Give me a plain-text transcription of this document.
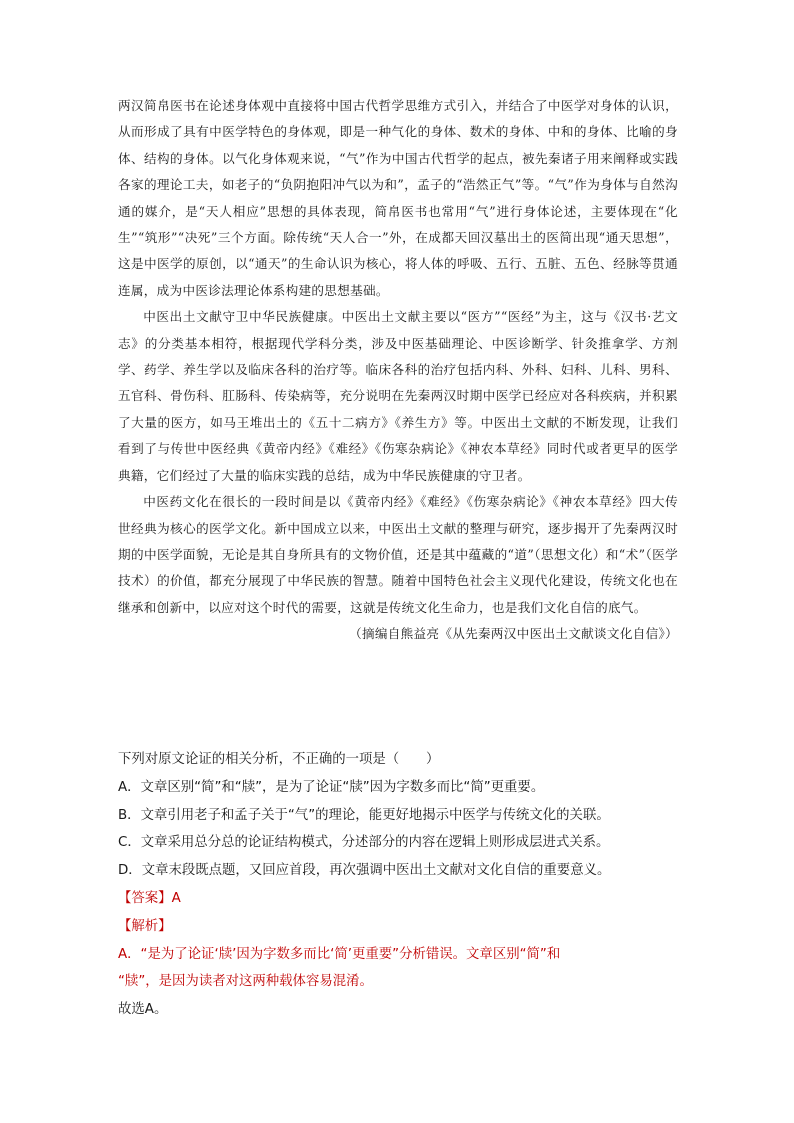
两汉简帛医书在论述身体观中直接将中国古代哲学思维方式引入，并结合了中医学对身体的认识，从而形成了具有中医学特色的身体观，即是一种气化的身体、数术的身体、中和的身体、比喻的身体、结构的身体。以气化身体观来说，“气”作为中国古代哲学的起点，被先秦诸子用来阐释或实践各家的理论工夫，如老子的“负阴抱阳冲气以为和”，孟子的“浩然正气”等。“气”作为身体与自然沟通的媒介，是“天人相应”思想的具体表现，简帛医书也常用“气”进行身体论述，主要体现在“化生”“筑形”“决死”三个方面。除传统“天人合一”外，在成都天回汉墓出土的医简出现“通天思想”，这是中医学的原创，以“通天”的生命认识为核心，将人体的呼吸、五行、五脏、五色、经脉等贯通连属，成为中医诊法理论体系构建的思想基础。

中医出土文献守卫中华民族健康。中医出土文献主要以“医方”“医经”为主，这与《汉书·艺文志》的分类基本相符，根据现代学科分类，涉及中医基础理论、中医诊断学、针灸推拿学、方剂学、药学、养生学以及临床各科的治疗等。临床各科的治疗包括内科、外科、妇科、儿科、男科、五官科、骨伤科、肛肠科、传染病等，充分说明在先秦两汉时期中医学已经应对各科疾病，并积累了大量的医方，如马王堆出土的《五十二病方》《养生方》等。中医出土文献的不断发现，让我们看到了与传世中医经典《黄帝内经》《难经》《伤寒杂病论》《神农本草经》同时代或者更早的医学典籍，它们经过了大量的临床实践的总结，成为中华民族健康的守卫者。

中医药文化在很长的一段时间是以《黄帝内经》《难经》《伤寒杂病论》《神农本草经》四大传世经典为核心的医学文化。新中国成立以来，中医出土文献的整理与研究，逐步揭开了先秦两汉时期的中医学面貌，无论是其自身所具有的文物价值，还是其中蕴藏的“道”（思想文化）和“术”（医学技术）的价值，都充分展现了中华民族的智慧。随着中国特色社会主义现代化建设，传统文化也在继承和创新中，以应对这个时代的需要，这就是传统文化生命力，也是我们文化自信的底气。

（摘编自熊益亮《从先秦两汉中医出土文献谈文化自信》）

下列对原文论证的相关分析，不正确的一项是（　　）

A．文章区别“简”和“牍”，是为了论证“牍”因为字数多而比“简”更重要。

B．文章引用老子和孟子关于“气”的理论，能更好地揭示中医学与传统文化的关联。

C．文章采用总分总的论证结构模式，分述部分的内容在逻辑上则形成层进式关系。

D．文章末段既点题，又回应首段，再次强调中医出土文献对文化自信的重要意义。

【答案】A

【解析】

A．“是为了论证‘牍’因为字数多而比‘简’更重要”分析错误。文章区别“简”和

“牍”，是因为读者对这两种载体容易混淆。

故选A。
